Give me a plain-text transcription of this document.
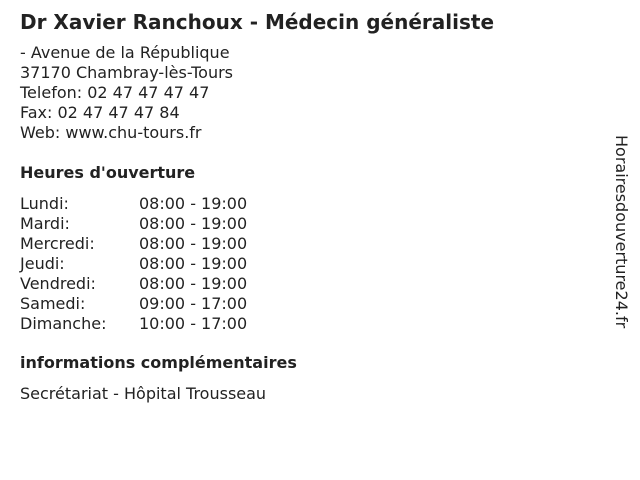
Dr Xavier Ranchoux - Médecin généraliste
- Avenue de la République
37170 Chambray-lès-Tours
Telefon: 02 47 47 47 47
Fax: 02 47 47 47 84
Web: www.chu-tours.fr
Heures d'ouverture
Lundi:	08:00 - 19:00
Mardi:	08:00 - 19:00
Mercredi:	08:00 - 19:00
Jeudi:	08:00 - 19:00
Vendredi:	08:00 - 19:00
Samedi:	09:00 - 17:00
Dimanche:	10:00 - 17:00
informations complémentaires
Secrétariat - Hôpital Trousseau
Horairesdouverture24.fr
